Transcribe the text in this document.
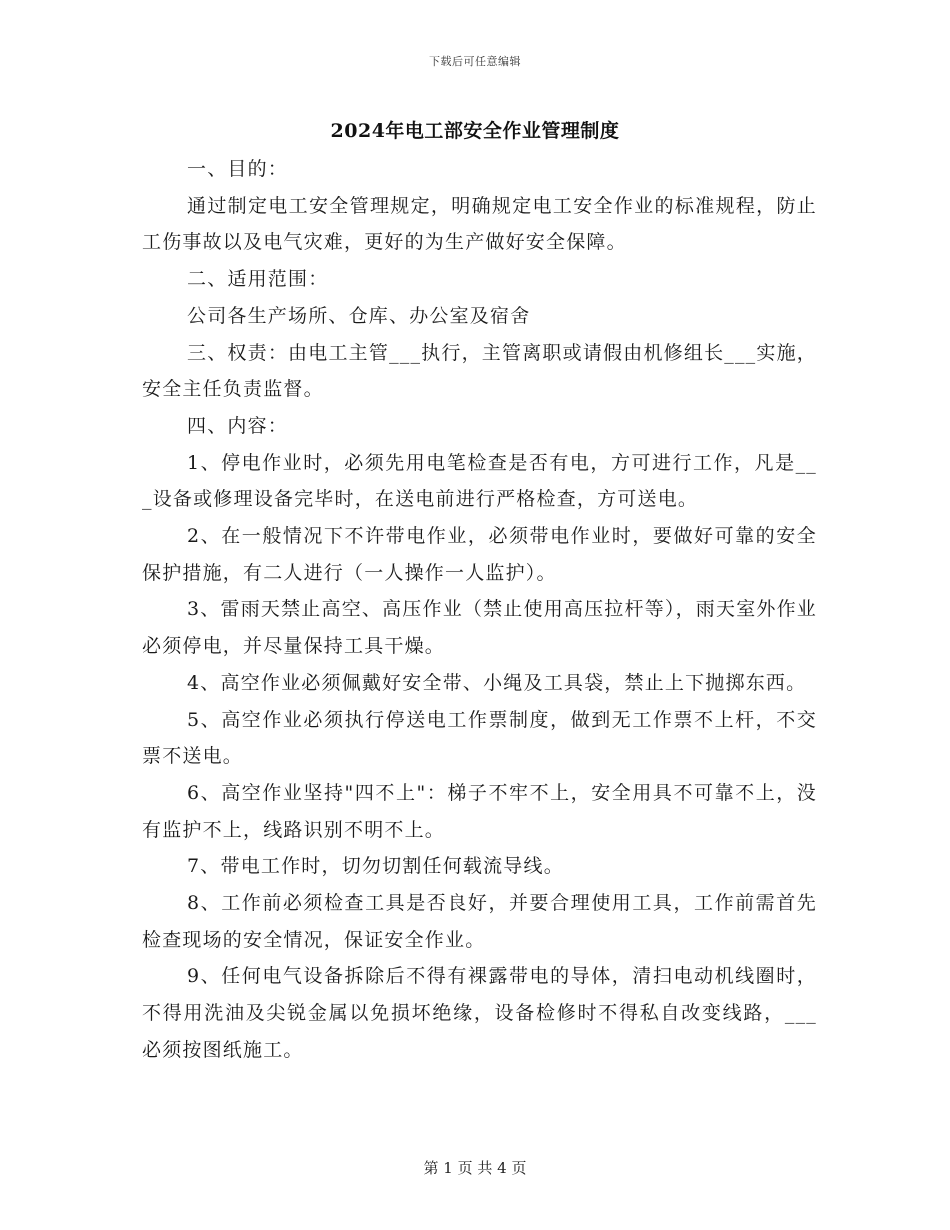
下载后可任意编辑
2024年电工部安全作业管理制度

一、目的：

通过制定电工安全管理规定，明确规定电工安全作业的标准规程，防止工伤事故以及电气灾难，更好的为生产做好安全保障。

二、适用范围：

公司各生产场所、仓库、办公室及宿舍

三、权责：由电工主管___执行，主管离职或请假由机修组长___实施，安全主任负责监督。

四、内容：

1、停电作业时，必须先用电笔检查是否有电，方可进行工作，凡是___设备或修理设备完毕时，在送电前进行严格检查，方可送电。

2、在一般情况下不许带电作业，必须带电作业时，要做好可靠的安全保护措施，有二人进行（一人操作一人监护）。

3、雷雨天禁止高空、高压作业（禁止使用高压拉杆等），雨天室外作业必须停电，并尽量保持工具干燥。

4、高空作业必须佩戴好安全带、小绳及工具袋，禁止上下抛掷东西。

5、高空作业必须执行停送电工作票制度，做到无工作票不上杆，不交票不送电。

6、高空作业坚持"四不上"：梯子不牢不上，安全用具不可靠不上，没有监护不上，线路识别不明不上。

7、带电工作时，切勿切割任何载流导线。

8、工作前必须检查工具是否良好，并要合理使用工具，工作前需首先检查现场的安全情况，保证安全作业。

9、任何电气设备拆除后不得有裸露带电的导体，清扫电动机线圈时，不得用洗油及尖锐金属以免损坏绝缘，设备检修时不得私自改变线路，___必须按图纸施工。

第 1 页 共 4 页
